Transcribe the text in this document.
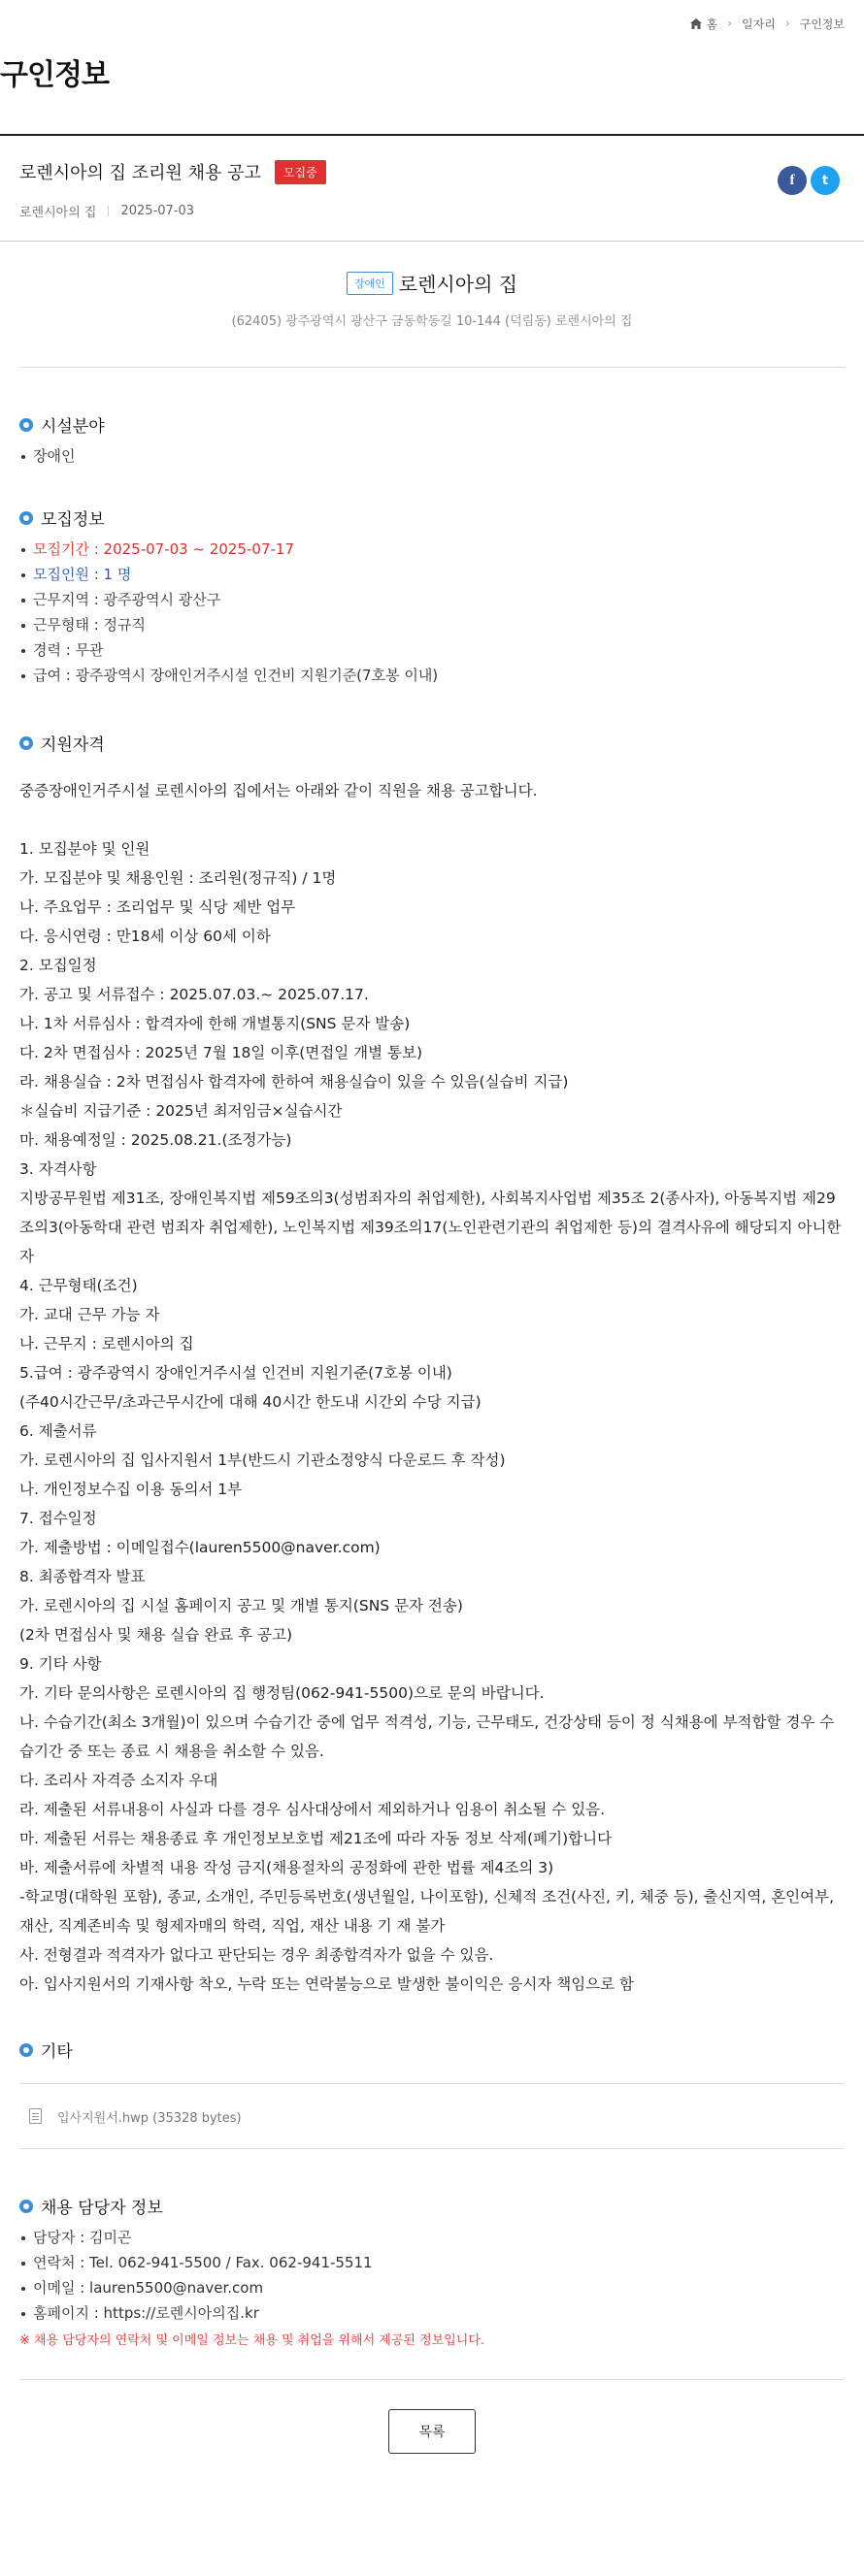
홈 › 일자리 › 구인정보
구인정보
로렌시아의 집 조리원 채용 공고	모집중
로렌시아의 집 2025-07-03
f t
장애인 로렌시아의 집
(62405) 광주광역시 광산구 금동학동길 10-144 (덕림동) 로렌시아의 집
시설분야
장애인
모집정보
모집기간 : 2025-07-03 ~ 2025-07-17
모집인원 : 1 명
근무지역 : 광주광역시 광산구
근무형태 : 정규직
경력 : 무관
급여 : 광주광역시 장애인거주시설 인건비 지원기준(7호봉 이내)
지원자격

중증장애인거주시설 로렌시아의 집에서는 아래와 같이 직원을 채용 공고합니다.

1. 모집분야 및 인원

가. 모집분야 및 채용인원 : 조리원(정규직) / 1명

나. 주요업무 : 조리업무 및 식당 제반 업무

다. 응시연령 : 만18세 이상 60세 이하

2. 모집일정

가. 공고 및 서류접수 : 2025.07.03.~ 2025.07.17.

나. 1차 서류심사 : 합격자에 한해 개별통지(SNS 문자 발송)

다. 2차 면접심사 : 2025년 7월 18일 이후(면접일 개별 통보)

라. 채용실습 : 2차 면접심사 합격자에 한하여 채용실습이 있을 수 있음(실습비 지급)

＊실습비 지급기준 : 2025년 최저임금×실습시간

마. 채용예정일 : 2025.08.21.(조정가능)

3. 자격사항

지방공무원법 제31조, 장애인복지법 제59조의3(성범죄자의 취업제한), 사회복지사업법 제35조 2(종사자), 아동복지법 제29조의3(아동학대 관련 범죄자 취업제한), 노인복지법 제39조의17(노인관련기관의 취업제한 등)의 결격사유에 해당되지 아니한 자

4. 근무형태(조건)

가. 교대 근무 가능 자

나. 근무지 : 로렌시아의 집

5.급여 : 광주광역시 장애인거주시설 인건비 지원기준(7호봉 이내)

(주40시간근무/초과근무시간에 대해 40시간 한도내 시간외 수당 지급)

6. 제출서류

가. 로렌시아의 집 입사지원서 1부(반드시 기관소정양식 다운로드 후 작성)

나. 개인정보수집 이용 동의서 1부

7. 접수일정

가. 제출방법 : 이메일접수(lauren5500@naver.com)

8. 최종합격자 발표

가. 로렌시아의 집 시설 홈페이지 공고 및 개별 통지(SNS 문자 전송)

(2차 면접심사 및 채용 실습 완료 후 공고)

9. 기타 사항

가. 기타 문의사항은 로렌시아의 집 행정팀(062-941-5500)으로 문의 바랍니다.

나. 수습기간(최소 3개월)이 있으며 수습기간 중에 업무 적격성, 기능, 근무태도, 건강상태 등이 정 식채용에 부적합할 경우 수습기간 중 또는 종료 시 채용을 취소할 수 있음.

다. 조리사 자격증 소지자 우대

라. 제출된 서류내용이 사실과 다를 경우 심사대상에서 제외하거나 임용이 취소될 수 있음.

마. 제출된 서류는 채용종료 후 개인정보보호법 제21조에 따라 자동 정보 삭제(폐기)합니다

바. 제출서류에 차별적 내용 작성 금지(채용절차의 공정화에 관한 법률 제4조의 3)

-학교명(대학원 포함), 종교, 소개인, 주민등록번호(생년월일, 나이포함), 신체적 조건(사진, 키, 체중 등), 출신지역, 혼인여부, 재산, 직계존비속 및 형제자매의 학력, 직업, 재산 내용 기 재 불가

사. 전형결과 적격자가 없다고 판단되는 경우 최종합격자가 없을 수 있음.

아. 입사지원서의 기재사항 착오, 누락 또는 연락불능으로 발생한 불이익은 응시자 책임으로 함

기타
입사지원서.hwp (35328 bytes)
채용 담당자 정보
담당자 : 김미곤
연락처 : Tel. 062-941-5500 / Fax. 062-941-5511
이메일 : lauren5500@naver.com
홈페이지 : https://로렌시아의집.kr

※ 채용 담당자의 연락처 및 이메일 정보는 채용 및 취업을 위해서 제공된 정보입니다.

목록
